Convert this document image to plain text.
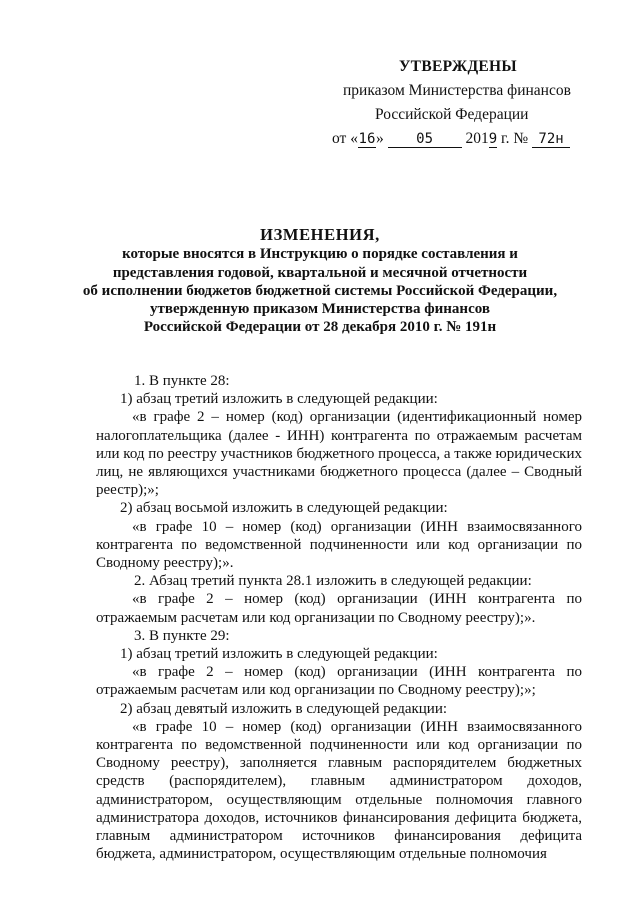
УТВЕРЖДЕНЫ
приказом Министерства финансов
Российской Федерации
от «16» 05 2019 г. № 72н
ИЗМЕНЕНИЯ,
которые вносятся в Инструкцию о порядке составления и
представления годовой, квартальной и месячной отчетности
об исполнении бюджетов бюджетной системы Российской Федерации,
утвержденную приказом Министерства финансов
Российской Федерации от 28 декабря 2010 г. № 191н

1. В пункте 28:

1) абзац третий изложить в следующей редакции:

«в графе 2 – номер (код) организации (идентификационный номер налогоплательщика (далее - ИНН) контрагента по отражаемым расчетам или код по реестру участников бюджетного процесса, а также юридических лиц, не являющихся участниками бюджетного процесса (далее – Сводный реестр);»;

2) абзац восьмой изложить в следующей редакции:

«в графе 10 – номер (код) организации (ИНН взаимосвязанного контрагента по ведомственной подчиненности или код организации по Сводному реестру);».

2. Абзац третий пункта 28.1 изложить в следующей редакции:

«в графе 2 – номер (код) организации (ИНН контрагента по отражаемым расчетам или код организации по Сводному реестру);».

3. В пункте 29:

1) абзац третий изложить в следующей редакции:

«в графе 2 – номер (код) организации (ИНН контрагента по отражаемым расчетам или код организации по Сводному реестру);»;

2) абзац девятый изложить в следующей редакции:

«в графе 10 – номер (код) организации (ИНН взаимосвязанного контрагента по ведомственной подчиненности или код организации по Сводному реестру), заполняется главным распорядителем бюджетных средств (распорядителем), главным администратором доходов, администратором, осуществляющим отдельные полномочия главного администратора доходов, источников финансирования дефицита бюджета, главным администратором источников финансирования дефицита бюджета, администратором, осуществляющим отдельные полномочия
